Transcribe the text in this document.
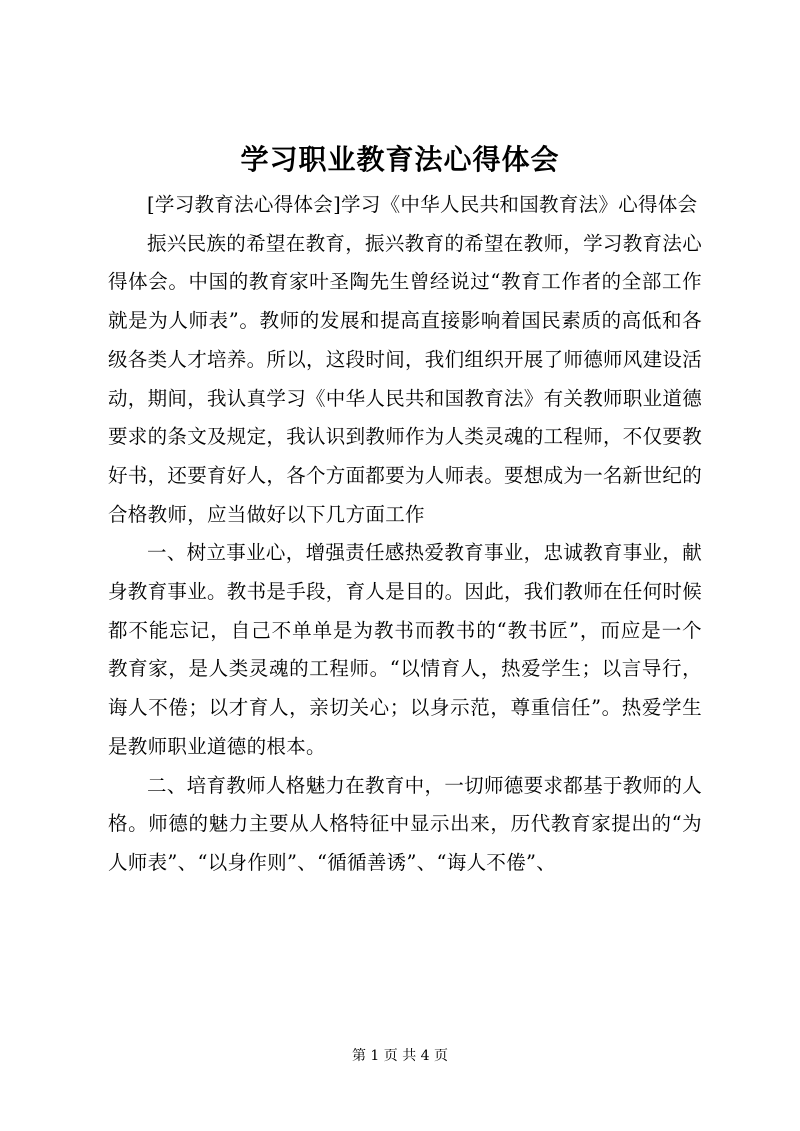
学习职业教育法心得体会

[学习教育法心得体会]学习《中华人民共和国教育法》心得体会

振兴民族的希望在教育，振兴教育的希望在教师，学习教育法心得体会。中国的教育家叶圣陶先生曾经说过“教育工作者的全部工作就是为人师表”。教师的发展和提高直接影响着国民素质的高低和各级各类人才培养。所以，这段时间，我们组织开展了师德师风建设活动，期间，我认真学习《中华人民共和国教育法》有关教师职业道德要求的条文及规定，我认识到教师作为人类灵魂的工程师，不仅要教好书，还要育好人，各个方面都要为人师表。要想成为一名新世纪的合格教师，应当做好以下几方面工作

一、树立事业心，增强责任感热爱教育事业，忠诚教育事业，献身教育事业。教书是手段，育人是目的。因此，我们教师在任何时候都不能忘记，自己不单单是为教书而教书的“教书匠”，而应是一个教育家，是人类灵魂的工程师。“以情育人，热爱学生；以言导行，诲人不倦；以才育人，亲切关心；以身示范，尊重信任”。热爱学生是教师职业道德的根本。

二、培育教师人格魅力在教育中，一切师德要求都基于教师的人格。师德的魅力主要从人格特征中显示出来，历代教育家提出的“为人师表”、“以身作则”、“循循善诱”、“诲人不倦”、

第 1 页 共 4 页
